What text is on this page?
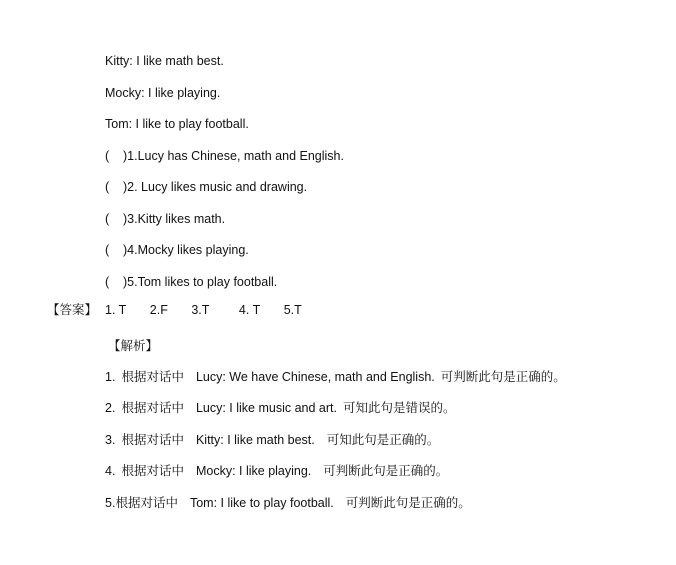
Kitty: I like math best.
Mocky: I like playing.
Tom: I like to play football.
( )1.Lucy has Chinese, math and English.
( )2. Lucy likes music and drawing.
( )3.Kitty likes math.
( )4.Mocky likes playing.
( )5.Tom likes to play football.
【答案】 1. T 2.F 3.T 4. T 5.T
【解析】
1. 根据对话中 Lucy: We have Chinese, math and English. 可判断此句是正确的。
2. 根据对话中 Lucy: I like music and art. 可知此句是错误的。
3. 根据对话中 Kitty: I like math best. 可知此句是正确的。
4. 根据对话中 Mocky: I like playing. 可判断此句是正确的。
5.根据对话中 Tom: I like to play football. 可判断此句是正确的。
